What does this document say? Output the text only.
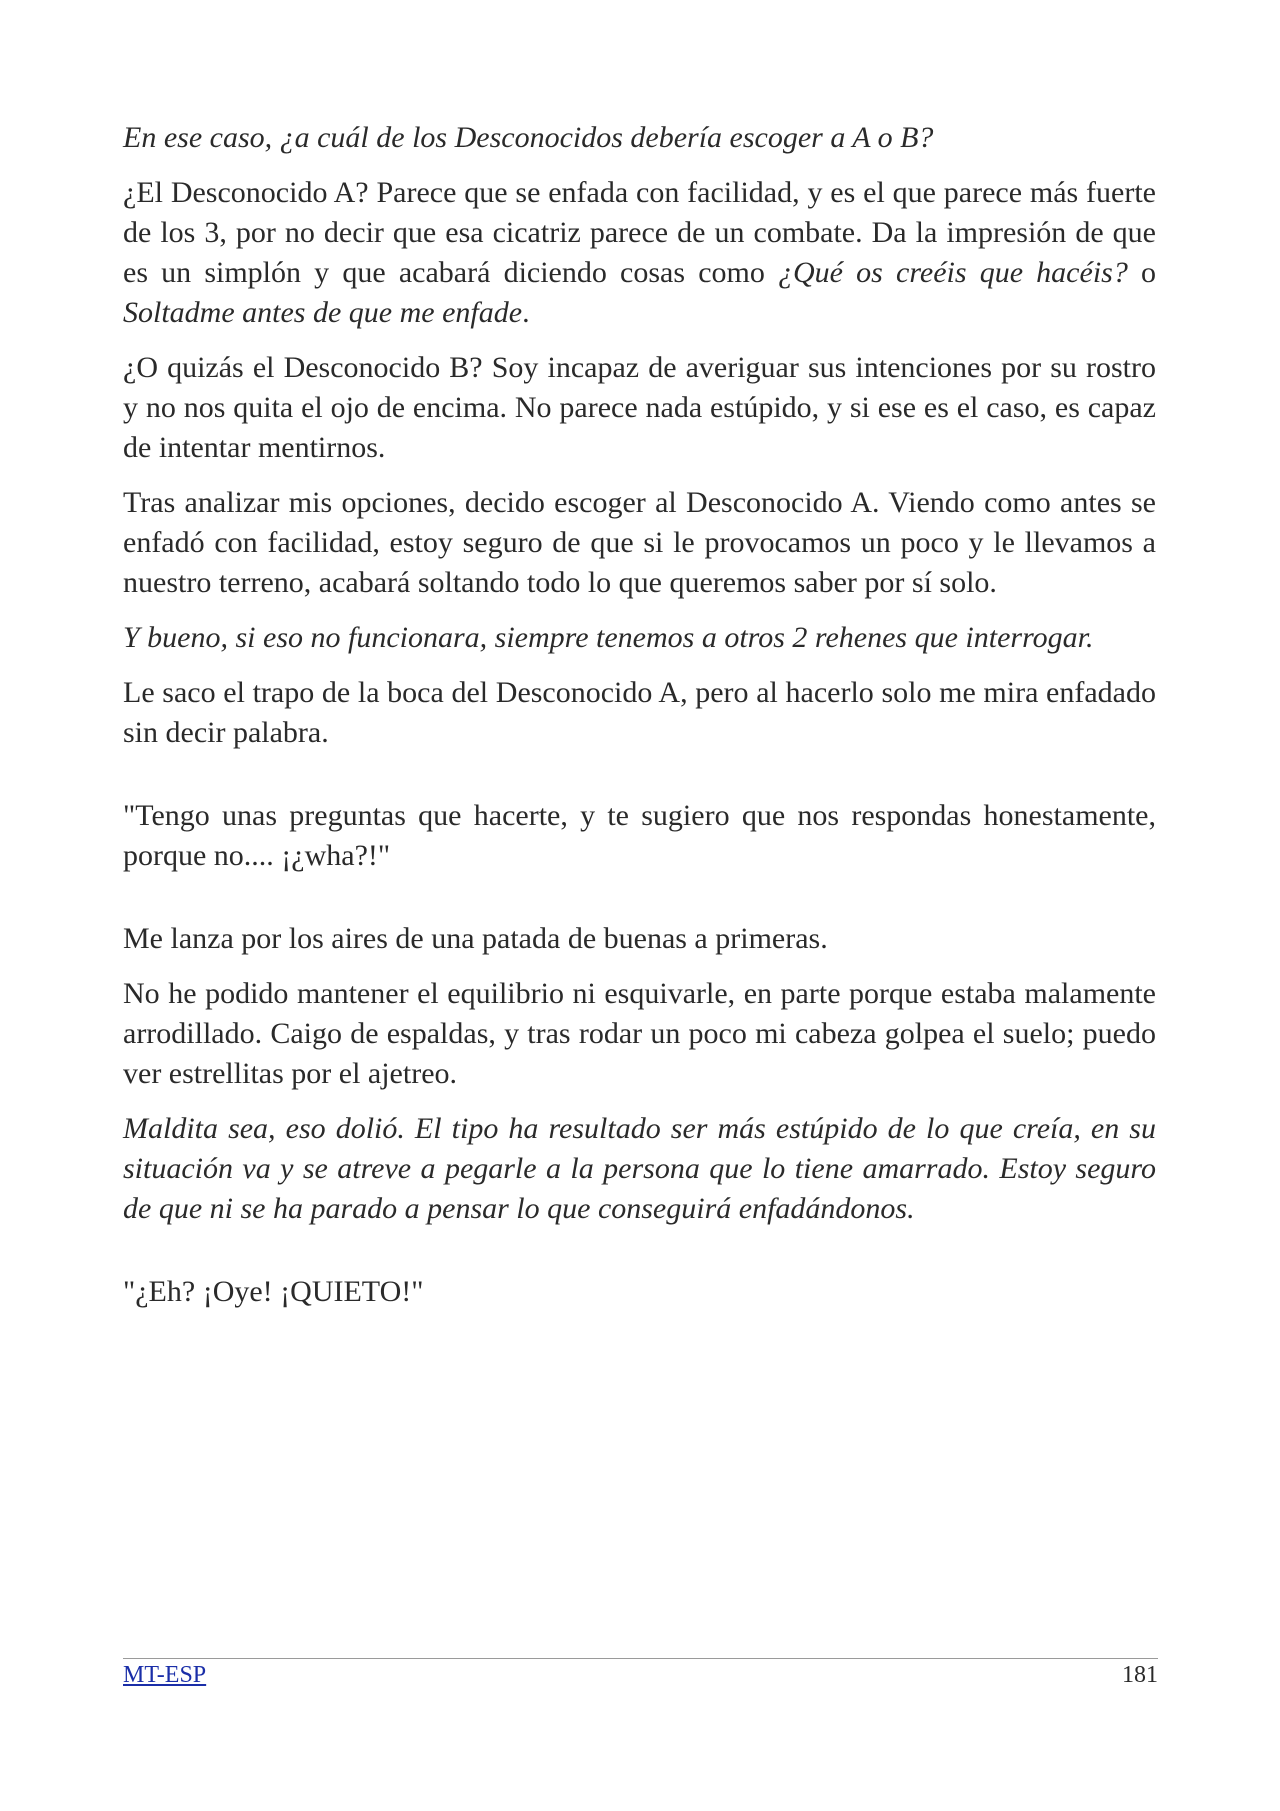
En ese caso, ¿a cuál de los Desconocidos debería escoger a A o B?

¿El Desconocido A? Parece que se enfada con facilidad, y es el que parece más fuerte de los 3, por no decir que esa cicatriz parece de un combate. Da la impresión de que es un simplón y que acabará diciendo cosas como ¿Qué os creéis que hacéis? o Soltadme antes de que me enfade.

¿O quizás el Desconocido B? Soy incapaz de averiguar sus intenciones por su rostro y no nos quita el ojo de encima. No parece nada estúpido, y si ese es el caso, es capaz de intentar mentirnos.

Tras analizar mis opciones, decido escoger al Desconocido A. Viendo como antes se enfadó con facilidad, estoy seguro de que si le provocamos un poco y le llevamos a nuestro terreno, acabará soltando todo lo que queremos saber por sí solo.

Y bueno, si eso no funcionara, siempre tenemos a otros 2 rehenes que interrogar.

Le saco el trapo de la boca del Desconocido A, pero al hacerlo solo me mira enfadado sin decir palabra.

"Tengo unas preguntas que hacerte, y te sugiero que nos respondas honestamente, porque no.... ¡¿wha?!"

Me lanza por los aires de una patada de buenas a primeras.

No he podido mantener el equilibrio ni esquivarle, en parte porque estaba malamente arrodillado. Caigo de espaldas, y tras rodar un poco mi cabeza golpea el suelo; puedo ver estrellitas por el ajetreo.

Maldita sea, eso dolió. El tipo ha resultado ser más estúpido de lo que creía, en su situación va y se atreve a pegarle a la persona que lo tiene amarrado. Estoy seguro de que ni se ha parado a pensar lo que conseguirá enfadándonos.

"¿Eh? ¡Oye! ¡QUIETO!"

MT-ESP	181
